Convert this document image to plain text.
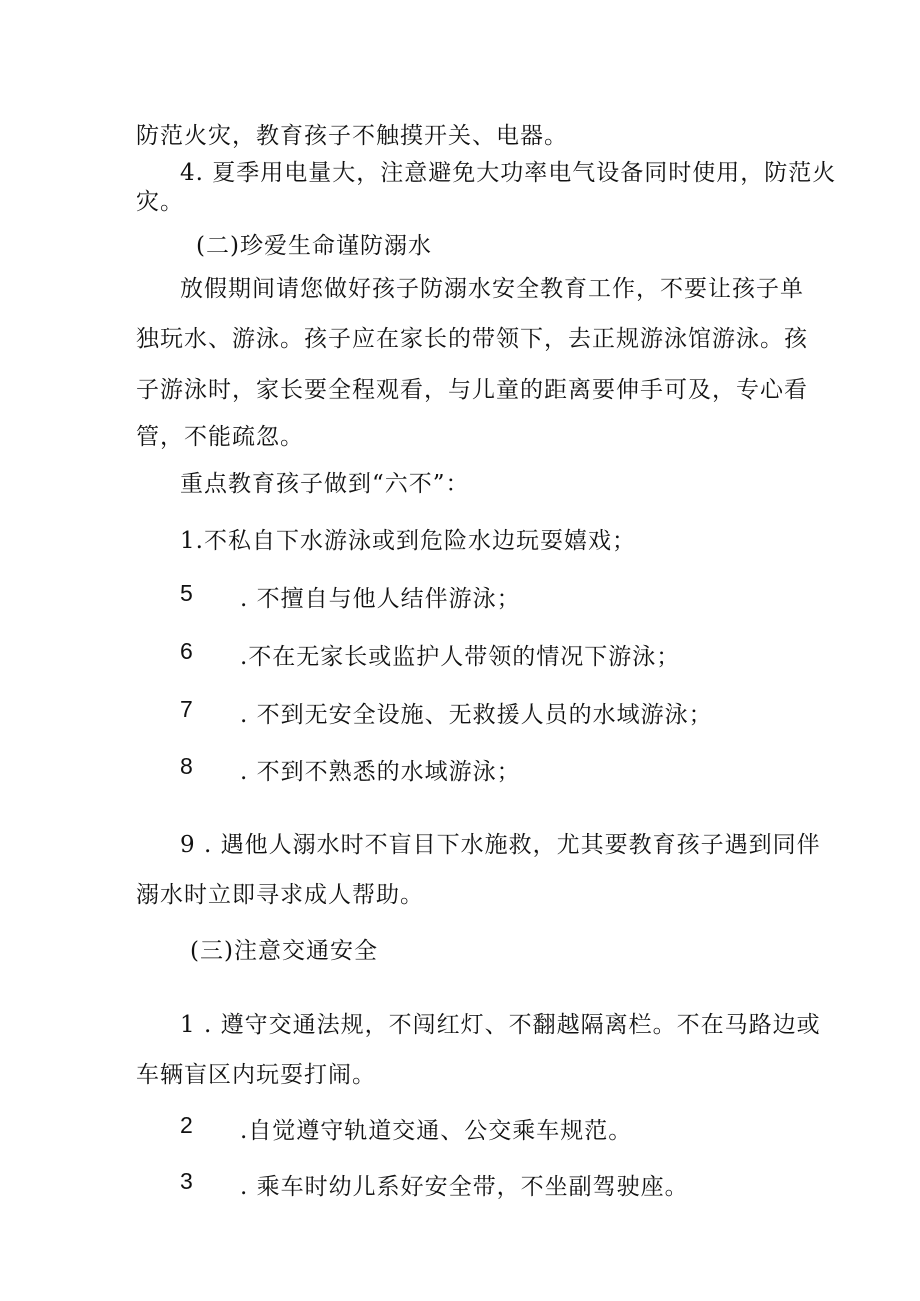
防范火灾，教育孩子不触摸开关、电器。
4. 夏季用电量大，注意避免大功率电气设备同时使用，防范火
灾。
(二)珍爱生命谨防溺水
放假期间请您做好孩子防溺水安全教育工作，不要让孩子单
独玩水、游泳。孩子应在家长的带领下，去正规游泳馆游泳。孩
子游泳时，家长要全程观看，与儿童的距离要伸手可及，专心看
管，不能疏忽。
重点教育孩子做到“六不”：
1.不私自下水游泳或到危险水边玩耍嬉戏；
5 . 不擅自与他人结伴游泳；
6 .不在无家长或监护人带领的情况下游泳；
7 . 不到无安全设施、无救援人员的水域游泳；
8 . 不到不熟悉的水域游泳；
9 . 遇他人溺水时不盲目下水施救，尤其要教育孩子遇到同伴
溺水时立即寻求成人帮助。
(三)注意交通安全
1 . 遵守交通法规，不闯红灯、不翻越隔离栏。不在马路边或
车辆盲区内玩耍打闹。
2 .自觉遵守轨道交通、公交乘车规范。
3 . 乘车时幼儿系好安全带，不坐副驾驶座。
